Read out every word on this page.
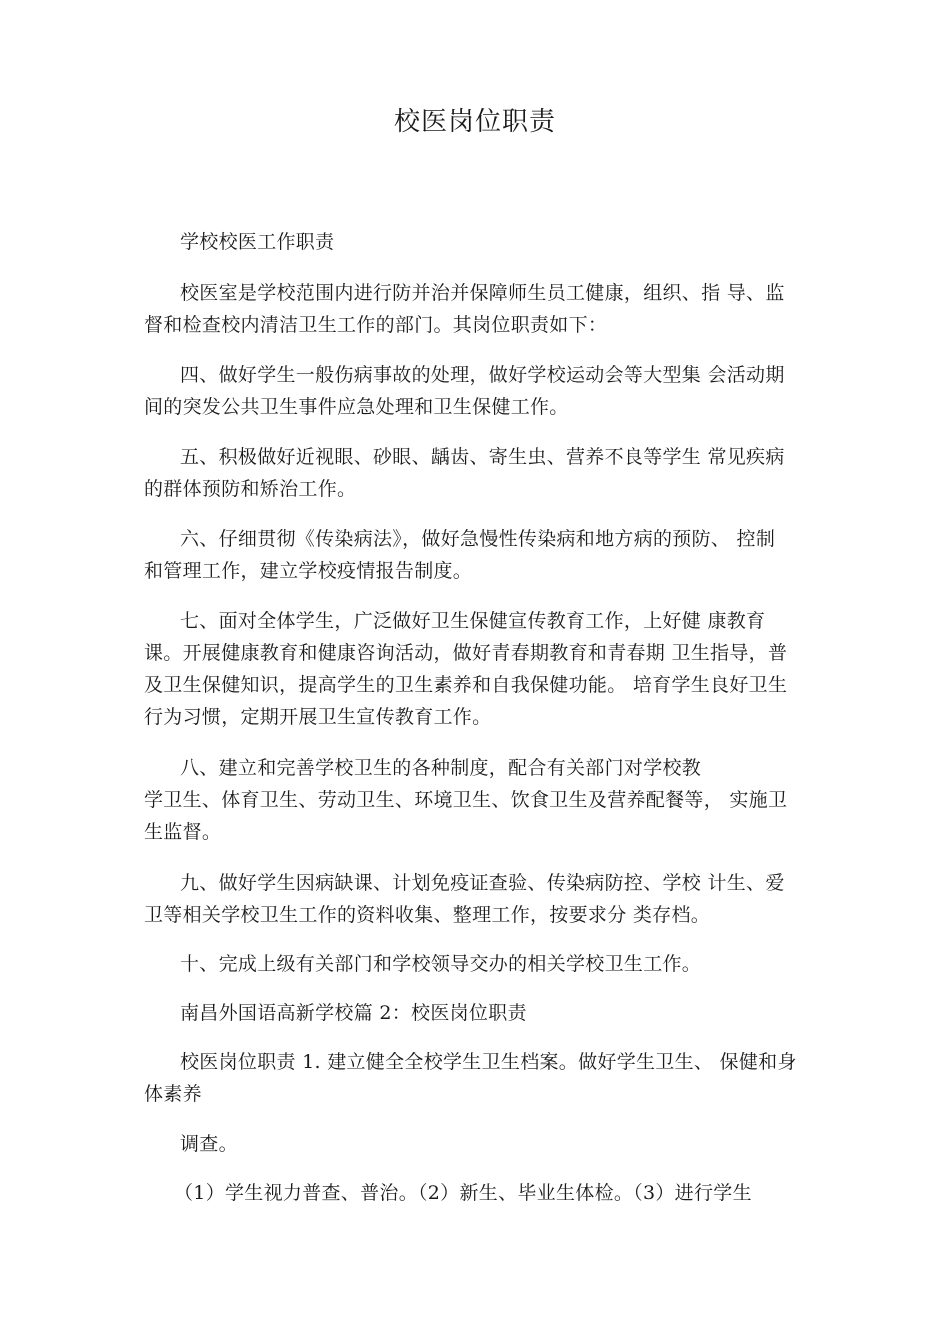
校医岗位职责
学校校医工作职责
校医室是学校范围内进行防并治并保障师生员工健康，组织、指 导、监
督和检查校内清洁卫生工作的部门。其岗位职责如下：
四、做好学生一般伤病事故的处理，做好学校运动会等大型集 会活动期
间的突发公共卫生事件应急处理和卫生保健工作。
五、积极做好近视眼、砂眼、龋齿、寄生虫、营养不良等学生 常见疾病
的群体预防和矫治工作。
六、仔细贯彻《传染病法》，做好急慢性传染病和地方病的预防、 控制
和管理工作，建立学校疫情报告制度。
七、面对全体学生，广泛做好卫生保健宣传教育工作，上好健 康教育
课。开展健康教育和健康咨询活动，做好青春期教育和青春期 卫生指导，普
及卫生保健知识，提高学生的卫生素养和自我保健功能。 培育学生良好卫生
行为习惯，定期开展卫生宣传教育工作。
八、建立和完善学校卫生的各种制度，配合有关部门对学校教
学卫生、体育卫生、劳动卫生、环境卫生、饮食卫生及营养配餐等， 实施卫
生监督。
九、做好学生因病缺课、计划免疫证查验、传染病防控、学校 计生、爱
卫等相关学校卫生工作的资料收集、整理工作，按要求分 类存档。
十、完成上级有关部门和学校领导交办的相关学校卫生工作。
南昌外国语高新学校篇 2：校医岗位职责
校医岗位职责 1. 建立健全全校学生卫生档案。做好学生卫生、 保健和身
体素养
调查。
（1）学生视力普查、普治。（2）新生、毕业生体检。（3）进行学生
